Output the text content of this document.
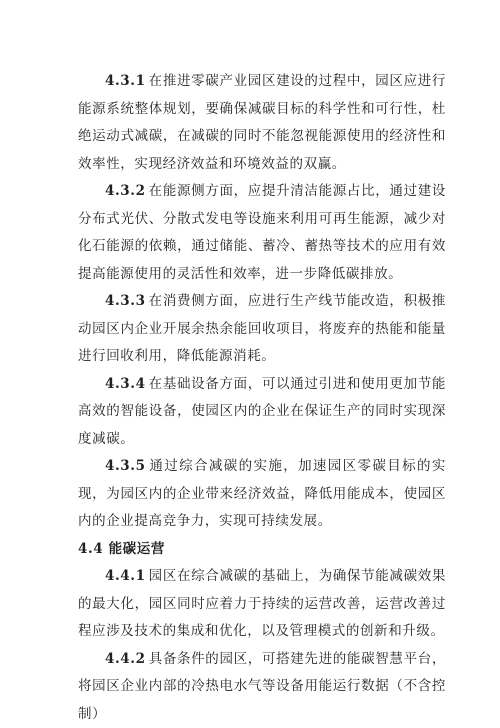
4.3.1 在推进零碳产业园区建设的过程中，园区应进行能源系统整体规划，要确保减碳目标的科学性和可行性，杜绝运动式减碳，在减碳的同时不能忽视能源使用的经济性和效率性，实现经济效益和环境效益的双赢。

4.3.2 在能源侧方面，应提升清洁能源占比，通过建设分布式光伏、分散式发电等设施来利用可再生能源，减少对化石能源的依赖，通过储能、蓄冷、蓄热等技术的应用有效提高能源使用的灵活性和效率，进一步降低碳排放。

4.3.3 在消费侧方面，应进行生产线节能改造，积极推动园区内企业开展余热余能回收项目，将废弃的热能和能量进行回收利用，降低能源消耗。

4.3.4 在基础设备方面，可以通过引进和使用更加节能高效的智能设备，使园区内的企业在保证生产的同时实现深度减碳。

4.3.5 通过综合减碳的实施，加速园区零碳目标的实现，为园区内的企业带来经济效益，降低用能成本，使园区内的企业提高竞争力，实现可持续发展。

4.4 能碳运营

4.4.1 园区在综合减碳的基础上，为确保节能减碳效果的最大化，园区同时应着力于持续的运营改善，运营改善过程应涉及技术的集成和优化，以及管理模式的创新和升级。

4.4.2 具备条件的园区，可搭建先进的能碳智慧平台，将园区企业内部的冷热电水气等设备用能运行数据（不含控制）
